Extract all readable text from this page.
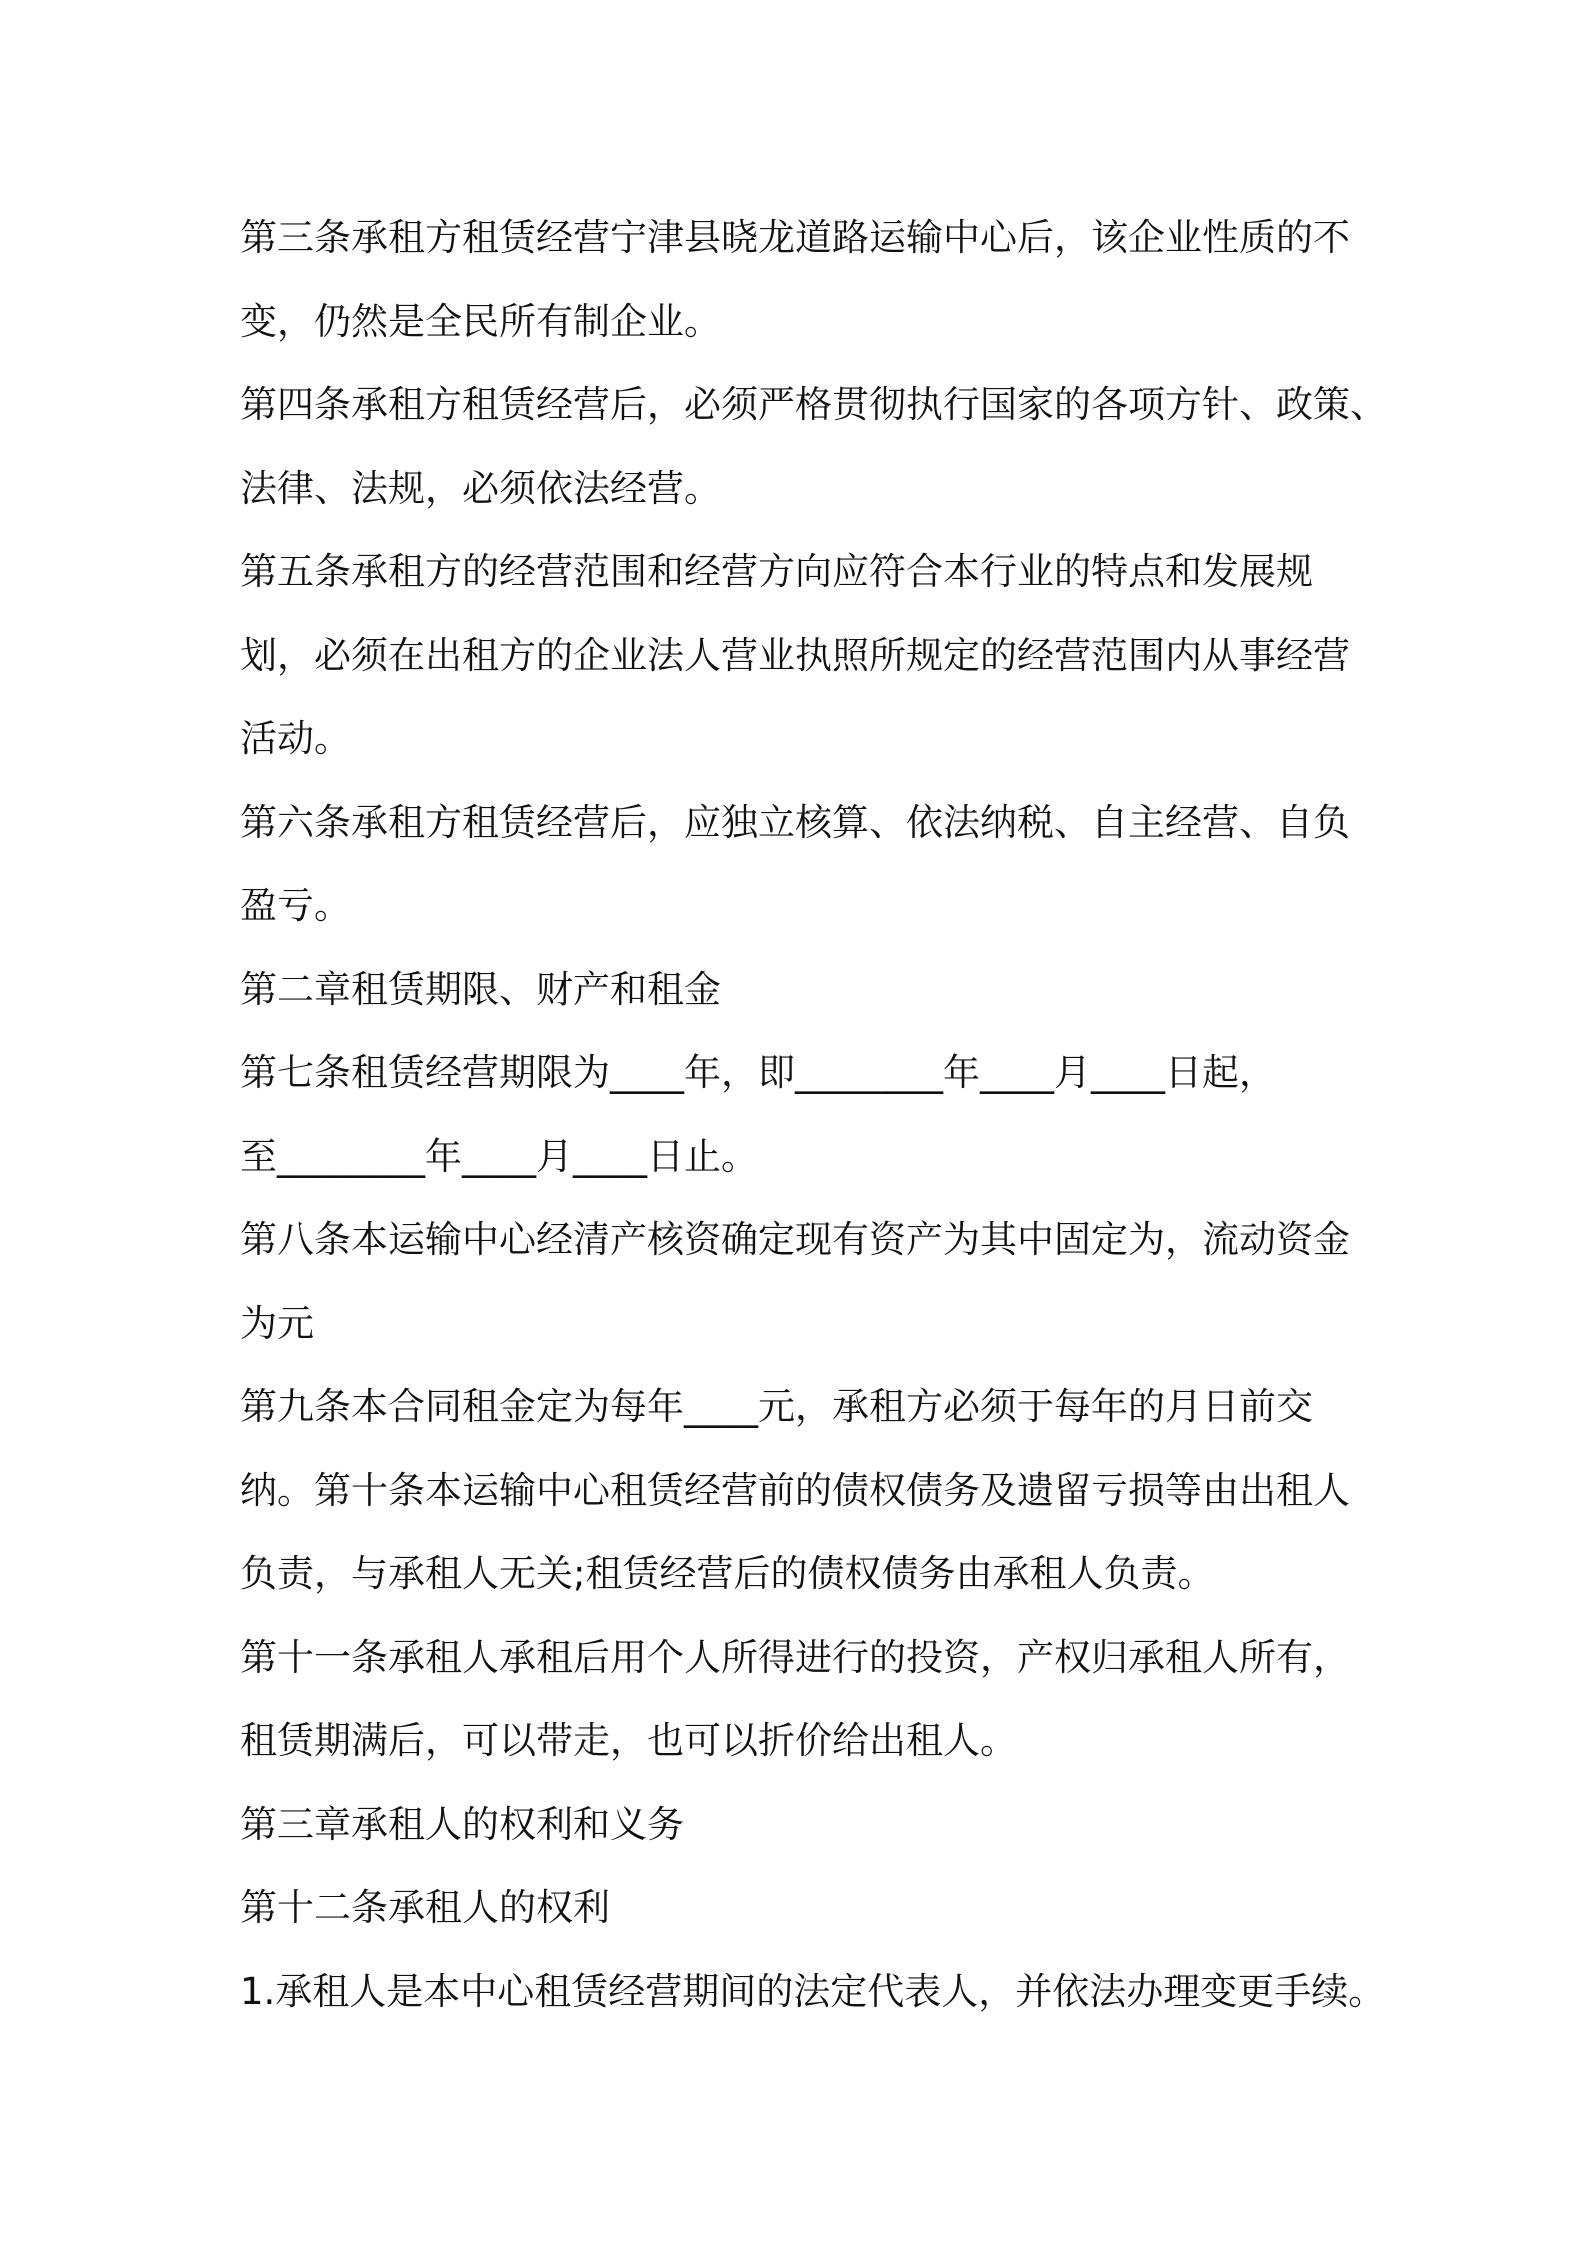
第三条承租方租赁经营宁津县晓龙道路运输中心后，该企业性质的不
变，仍然是全民所有制企业。
第四条承租方租赁经营后，必须严格贯彻执行国家的各项方针、政策、
法律、法规，必须依法经营。
第五条承租方的经营范围和经营方向应符合本行业的特点和发展规
划，必须在出租方的企业法人营业执照所规定的经营范围内从事经营
活动。
第六条承租方租赁经营后，应独立核算、依法纳税、自主经营、自负
盈亏。
第二章租赁期限、财产和租金
第七条租赁经营期限为____年，即________年____月____日起，
至________年____月____日止。
第八条本运输中心经清产核资确定现有资产为其中固定为，流动资金
为元
第九条本合同租金定为每年____元，承租方必须于每年的月日前交
纳。第十条本运输中心租赁经营前的债权债务及遗留亏损等由出租人
负责，与承租人无关;租赁经营后的债权债务由承租人负责。
第十一条承租人承租后用个人所得进行的投资，产权归承租人所有，
租赁期满后，可以带走，也可以折价给出租人。
第三章承租人的权利和义务
第十二条承租人的权利
1.承租人是本中心租赁经营期间的法定代表人，并依法办理变更手续。
